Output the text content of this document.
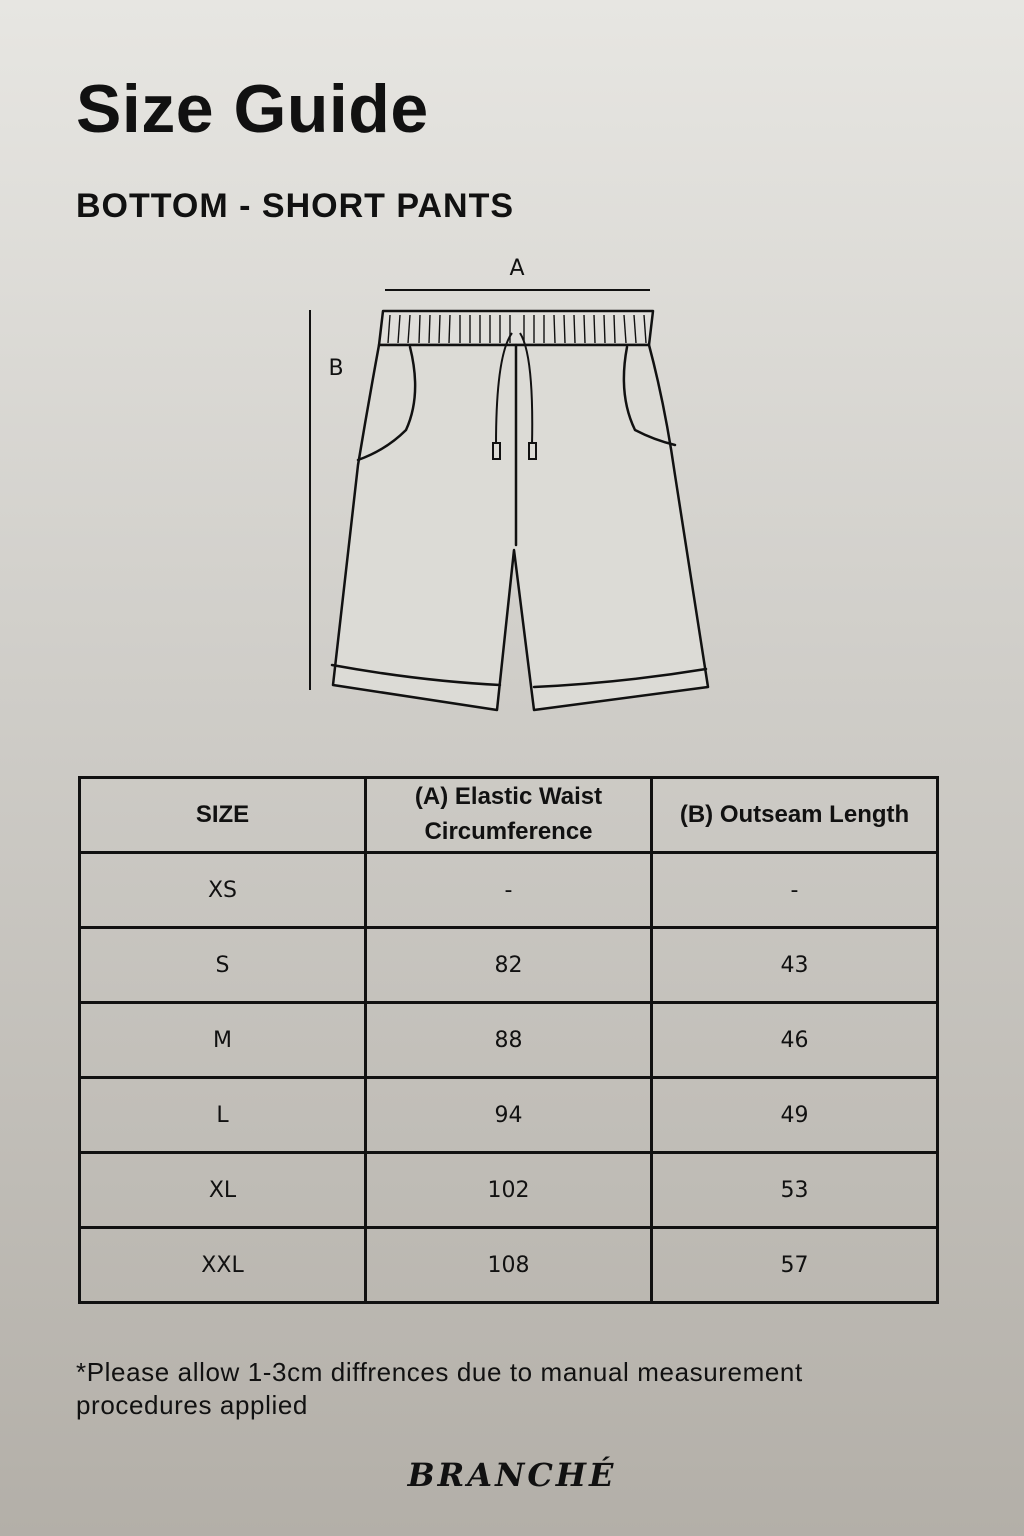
Size Guide
BOTTOM - SHORT PANTS
A
B
SIZE	(A) Elastic Waist Circumference	(B) Outseam Length
XS	-	-
S	82	43
M	88	46
L	94	49
XL	102	53
XXL	108	57

*Please allow 1-3cm diffrences due to manual measurement procedures applied

BRANCHÉ
